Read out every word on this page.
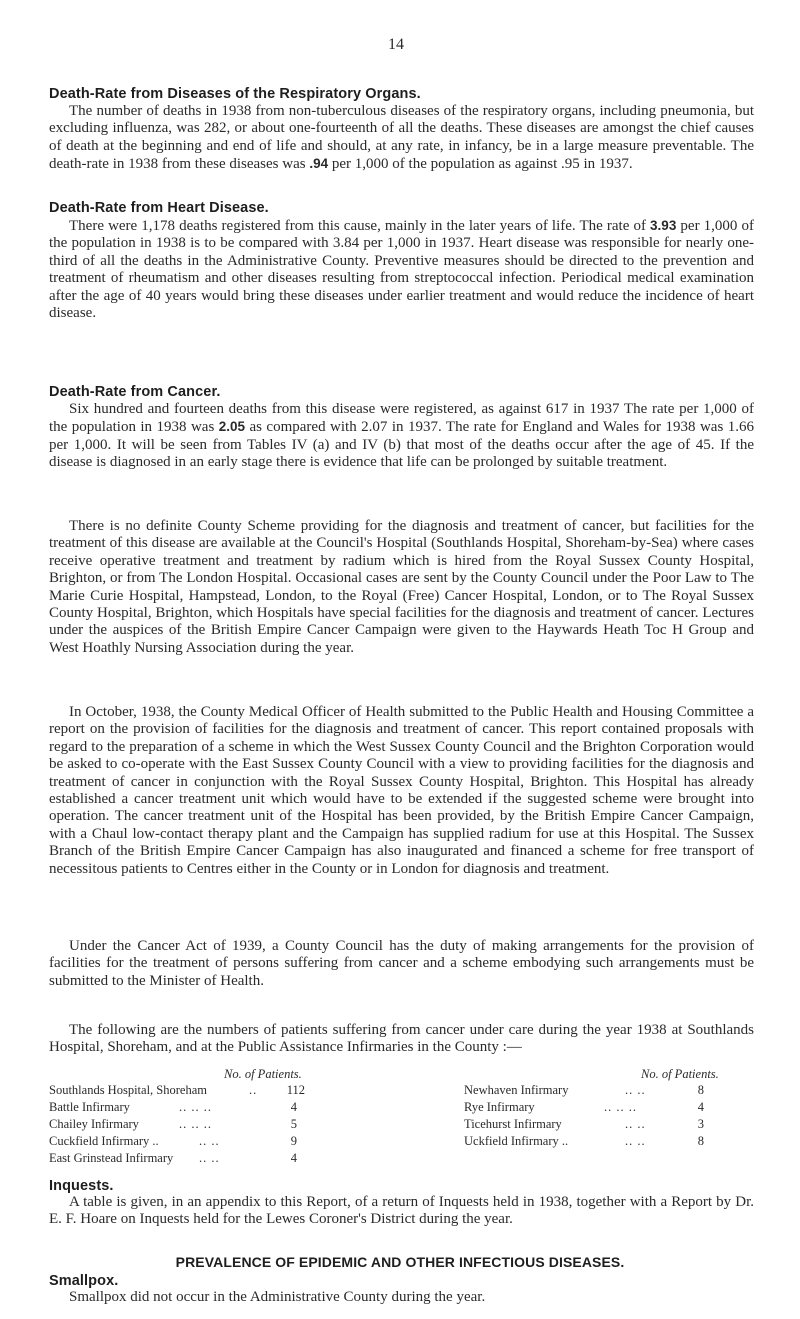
14
Death-Rate from Diseases of the Respiratory Organs.

The number of deaths in 1938 from non-tuberculous diseases of the respiratory organs, including pneumonia, but excluding influenza, was 282, or about one-fourteenth of all the deaths. These diseases are amongst the chief causes of death at the beginning and end of life and should, at any rate, in infancy, be in a large measure preventable. The death-rate in 1938 from these diseases was .94 per 1,000 of the population as against .95 in 1937.

Death-Rate from Heart Disease.

There were 1,178 deaths registered from this cause, mainly in the later years of life. The rate of 3.93 per 1,000 of the population in 1938 is to be compared with 3.84 per 1,000 in 1937. Heart disease was responsible for nearly one-third of all the deaths in the Administrative County. Preventive measures should be directed to the prevention and treatment of rheumatism and other diseases resulting from streptococcal infection. Periodical medical examination after the age of 40 years would bring these diseases under earlier treatment and would reduce the incidence of heart disease.

Death-Rate from Cancer.

Six hundred and fourteen deaths from this disease were registered, as against 617 in 1937 The rate per 1,000 of the population in 1938 was 2.05 as compared with 2.07 in 1937. The rate for England and Wales for 1938 was 1.66 per 1,000. It will be seen from Tables IV (a) and IV (b) that most of the deaths occur after the age of 45. If the disease is diagnosed in an early stage there is evidence that life can be prolonged by suitable treatment.

There is no definite County Scheme providing for the diagnosis and treatment of cancer, but facilities for the treatment of this disease are available at the Council's Hospital (Southlands Hospital, Shoreham-by-Sea) where cases receive operative treatment and treatment by radium which is hired from the Royal Sussex County Hospital, Brighton, or from The London Hospital. Occasional cases are sent by the County Council under the Poor Law to The Marie Curie Hospital, Hampstead, London, to the Royal (Free) Cancer Hospital, London, or to The Royal Sussex County Hospital, Brighton, which Hospitals have special facilities for the diagnosis and treatment of cancer. Lectures under the auspices of the British Empire Cancer Campaign were given to the Haywards Heath Toc H Group and West Hoathly Nursing Association during the year.

In October, 1938, the County Medical Officer of Health submitted to the Public Health and Housing Committee a report on the provision of facilities for the diagnosis and treatment of cancer. This report contained proposals with regard to the preparation of a scheme in which the West Sussex County Council and the Brighton Corporation would be asked to co-operate with the East Sussex County Council with a view to providing facilities for the diagnosis and treatment of cancer in conjunction with the Royal Sussex County Hospital, Brighton. This Hospital has already established a cancer treatment unit which would have to be extended if the suggested scheme were brought into operation. The cancer treatment unit of the Hospital has been provided, by the British Empire Cancer Campaign, with a Chaul low-contact therapy plant and the Campaign has supplied radium for use at this Hospital. The Sussex Branch of the British Empire Cancer Campaign has also inaugurated and financed a scheme for free transport of necessitous patients to Centres either in the County or in London for diagnosis and treatment.

Under the Cancer Act of 1939, a County Council has the duty of making arrangements for the provision of facilities for the treatment of persons suffering from cancer and a scheme embodying such arrangements must be submitted to the Minister of Health.

The following are the numbers of patients suffering from cancer under care during the year 1938 at Southlands Hospital, Shoreham, and at the Public Assistance Infirmaries in the County :—

No. of Patients.	No. of Patients.
Southlands Hospital, Shoreham	..	112
Battle Infirmary	.. .. ..	4
Chailey Infirmary	.. .. ..	5
Cuckfield Infirmary ..	.. ..	9
East Grinstead Infirmary .. ..	4
Newhaven Infirmary	.. ..	8
Rye Infirmary	.. .. ..	4
Ticehurst Infirmary	.. ..	3
Uckfield Infirmary ..	.. ..	8
Inquests.

A table is given, in an appendix to this Report, of a return of Inquests held in 1938, together with a Report by Dr. E. F. Hoare on Inquests held for the Lewes Coroner's District during the year.

PREVALENCE OF EPIDEMIC AND OTHER INFECTIOUS DISEASES.
Smallpox.

Smallpox did not occur in the Administrative County during the year.
